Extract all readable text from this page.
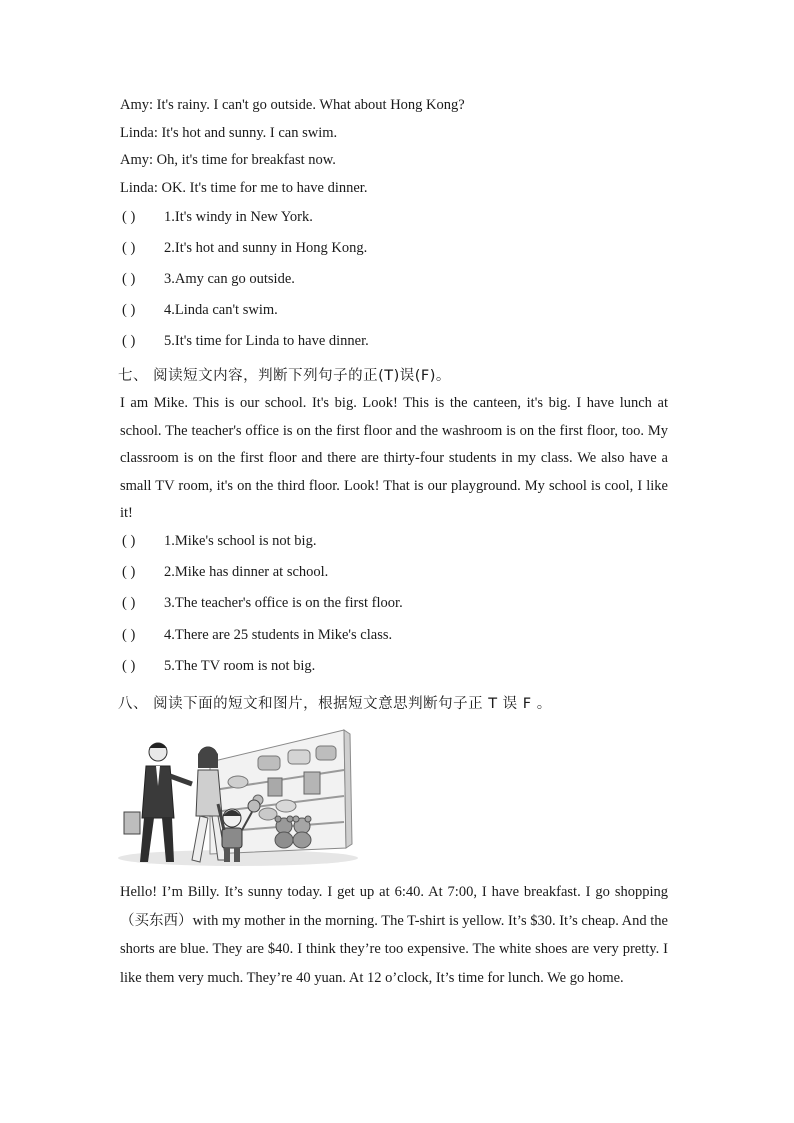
Amy: It's rainy. I can't go outside. What about Hong Kong?
Linda: It's hot and sunny. I can swim.
Amy: Oh, it's time for breakfast now.
Linda: OK. It's time for me to have dinner.
( ) 1.It's windy in New York.
( ) 2.It's hot and sunny in Hong Kong.
( ) 3.Amy can go outside.
( ) 4.Linda can't swim.
( ) 5.It's time for Linda to have dinner.
七、 阅读短文内容，判断下列句子的正(T)误(F)。
I am Mike. This is our school. It's big. Look! This is the canteen, it's big. I have lunch at school. The teacher's office is on the first floor and the washroom is on the first floor, too. My classroom is on the first floor and there are thirty-four students in my class. We also have a small TV room, it's on the third floor. Look! That is our playground. My school is cool, I like it!
( ) 1.Mike's school is not big.
( ) 2.Mike has dinner at school.
( ) 3.The teacher's office is on the first floor.
( ) 4.There are 25 students in Mike's class.
( ) 5.The TV room is not big.
八、 阅读下面的短文和图片，根据短文意思判断句子正 T 误 F 。
Hello! I’m Billy. It’s sunny today. I get up at 6:40. At 7:00, I have breakfast. I go shopping （买东西）with my mother in the morning. The T-shirt is yellow. It’s $30. It’s cheap. And the shorts are blue. They are $40. I think they’re too expensive. The white shoes are very pretty. I like them very much. They’re 40 yuan. At 12 o’clock, It’s time for lunch. We go home.
